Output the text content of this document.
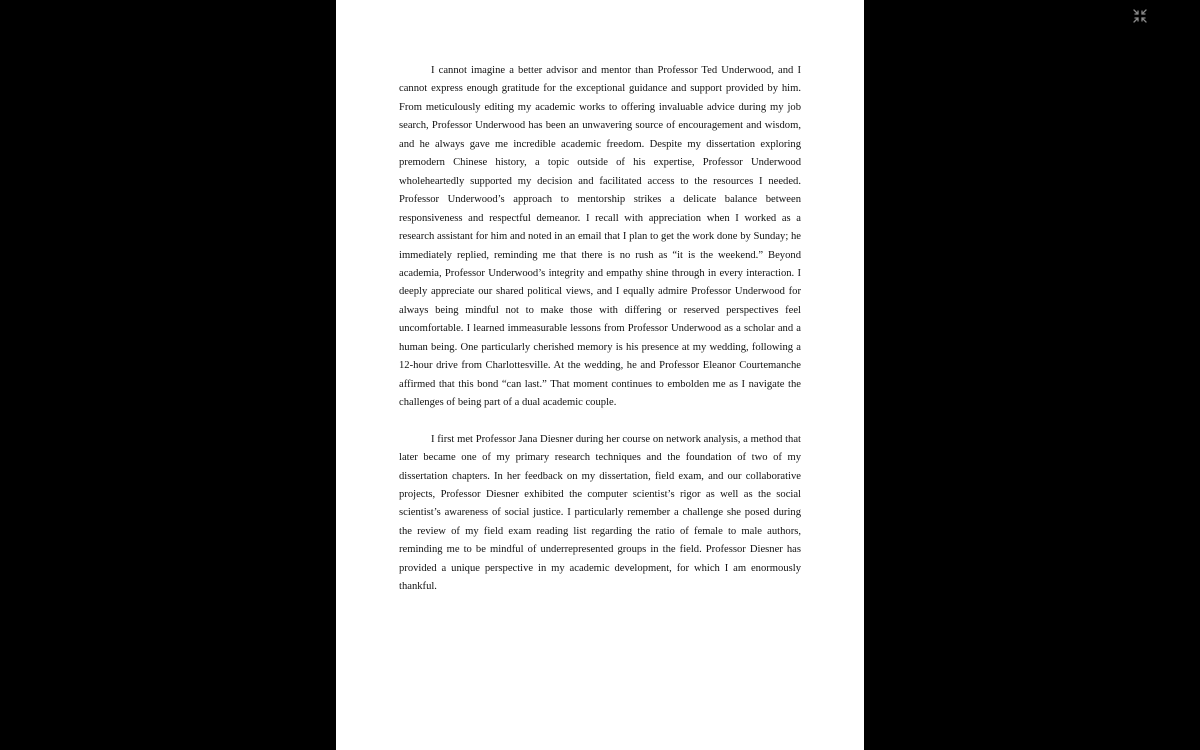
I cannot imagine a better advisor and mentor than Professor Ted Underwood, and I cannot express enough gratitude for the exceptional guidance and support provided by him. From meticulously editing my academic works to offering invaluable advice during my job search, Professor Underwood has been an unwavering source of encouragement and wisdom, and he always gave me incredible academic freedom. Despite my dissertation exploring premodern Chinese history, a topic outside of his expertise, Professor Underwood wholeheartedly supported my decision and facilitated access to the resources I needed. Professor Underwood’s approach to mentorship strikes a delicate balance between responsiveness and respectful demeanor. I recall with appreciation when I worked as a research assistant for him and noted in an email that I plan to get the work done by Sunday; he immediately replied, reminding me that there is no rush as “it is the weekend.” Beyond academia, Professor Underwood’s integrity and empathy shine through in every interaction. I deeply appreciate our shared political views, and I equally admire Professor Underwood for always being mindful not to make those with differing or reserved perspectives feel uncomfortable. I learned immeasurable lessons from Professor Underwood as a scholar and a human being. One particularly cherished memory is his presence at my wedding, following a 12-hour drive from Charlottesville. At the wedding, he and Professor Eleanor Courtemanche affirmed that this bond “can last.” That moment continues to embolden me as I navigate the challenges of being part of a dual academic couple.

I first met Professor Jana Diesner during her course on network analysis, a method that later became one of my primary research techniques and the foundation of two of my dissertation chapters. In her feedback on my dissertation, field exam, and our collaborative projects, Professor Diesner exhibited the computer scientist’s rigor as well as the social scientist’s awareness of social justice. I particularly remember a challenge she posed during the review of my field exam reading list regarding the ratio of female to male authors, reminding me to be mindful of underrepresented groups in the field. Professor Diesner has provided a unique perspective in my academic development, for which I am enormously thankful.
